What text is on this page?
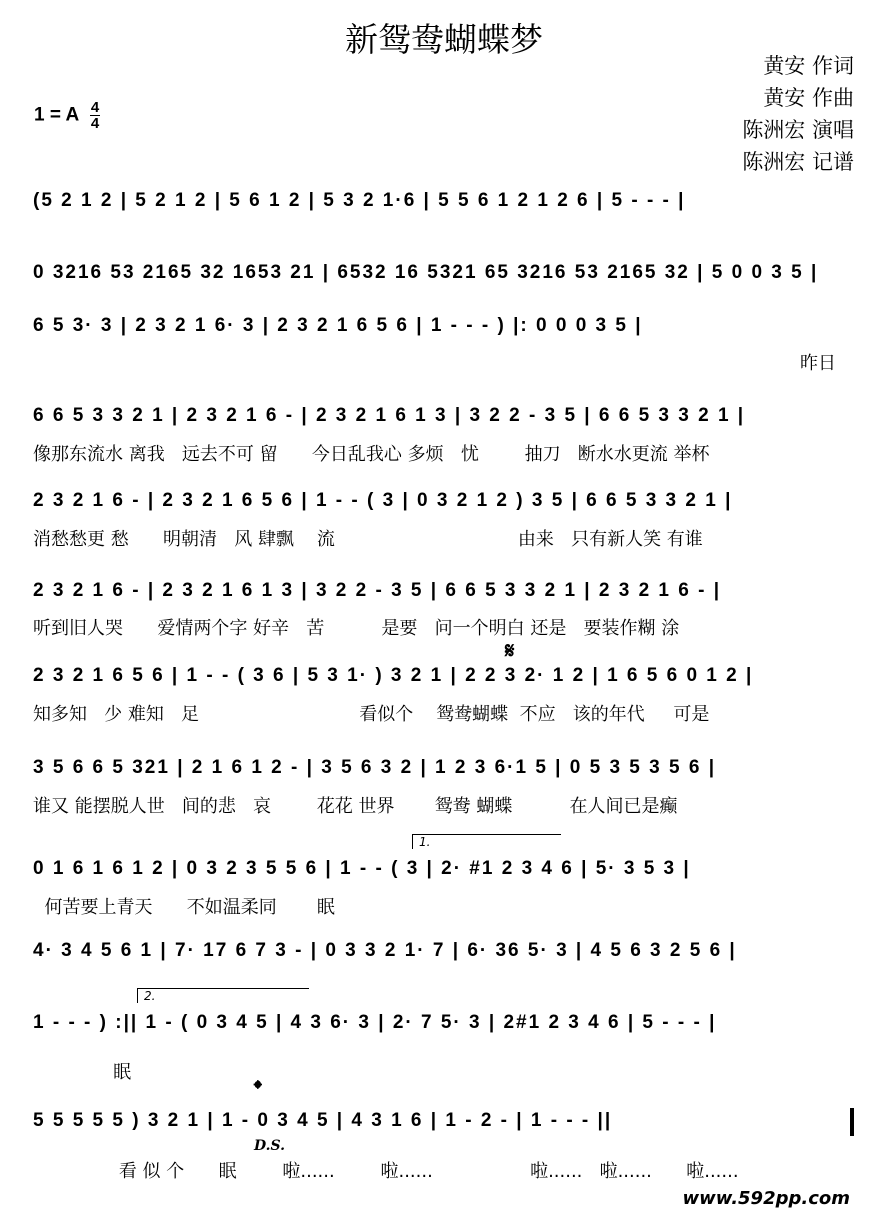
新鸳鸯蝴蝶梦
黄安 作词
黄安 作曲
陈洲宏 演唱
陈洲宏 记谱
1 = A $\frac{4}{4}$
(5 2 1 2 | 5 2 1 2 | 5 6 1 2 | 5 3 2 1·6 | 5 5 6 1 2 1 2 6 | 5 - - - |
0 3216 53 2165 32 1653 21 | 6532 16 5321 65 3216 53 2165 32 | 5 0 0 3 5 |
6 5 3· 3 | 2 3 2 1 6· 3 | 2 3 2 1 6 5 6 | 1 - - - ) |: 0 0 0 3 5 |
昨日
6 6 5 3 3 2 1 | 2 3 2 1 6 - | 2 3 2 1 6 1 3 | 3 2 2 - 3 5 | 6 6 5 3 3 2 1 |
像那东流水 离我   远去不可 留      今日乱我心 多烦   忧        抽刀   断水水更流 举杯
2 3 2 1 6 - | 2 3 2 1 6 5 6 | 1 - - ( 3 | 0 3 2 1 2 ) 3 5 | 6 6 5 3 3 2 1 |
消愁愁更 愁      明朝清   风 肆飘    流                                由来   只有新人笑 有谁
2 3 2 1 6 - | 2 3 2 1 6 1 3 | 3 2 2 - 3 5 | 6 6 5 3 3 2 1 | 2 3 2 1 6 - |
听到旧人哭      爱情两个字 好辛   苦          是要   问一个明白 还是   要装作糊 涂
2 3 2 1 6 5 6 | 1 - - ( 3 6 | 5 3 1· ) 3 2 1 | 2 2 3 2· 1 2 | 1 6 5 6 0 1 2 |
知多知   少 难知   足                            看似个    鸳鸯蝴蝶  不应   该的年代     可是
3 5 6 6 5 321 | 2 1 6 1 2 - | 3 5 6 3 2 | 1 2 3 6·1 5 | 0 5 3 5 3 5 6 |
谁又 能摆脱人世   间的悲   哀        花花 世界       鸳鸯 蝴蝶          在人间已是癫
0 1 6 1 6 1 2 | 0 3 2 3 5 5 6 | 1 - - ( 3 | 2· #1 2 3 4 6 | 5· 3 5 3 |
何苦要上青天      不如温柔同       眠
4· 3 4 5 6 1 | 7· 17 6 7 3 - | 0 3 3 2 1· 7 | 6· 36 5· 3 | 4 5 6 3 2 5 6 |
1 - - - ) :|| 1 - ( 0 3 4 5 | 4 3 6· 3 | 2· 7 5· 3 | 2#1 2 3 4 6 | 5 - - - |
眠
5 5 5 5 5 ) 3 2 1 | 1 - 0 3 4 5 | 4 3 1 6 | 1 - 2 - | 1 - - - ||
看 似 个      眠        啦......        啦......                 啦......   啦......      啦......
1.
2.
𝄋
𝄌
D.S.
www.592pp.com
